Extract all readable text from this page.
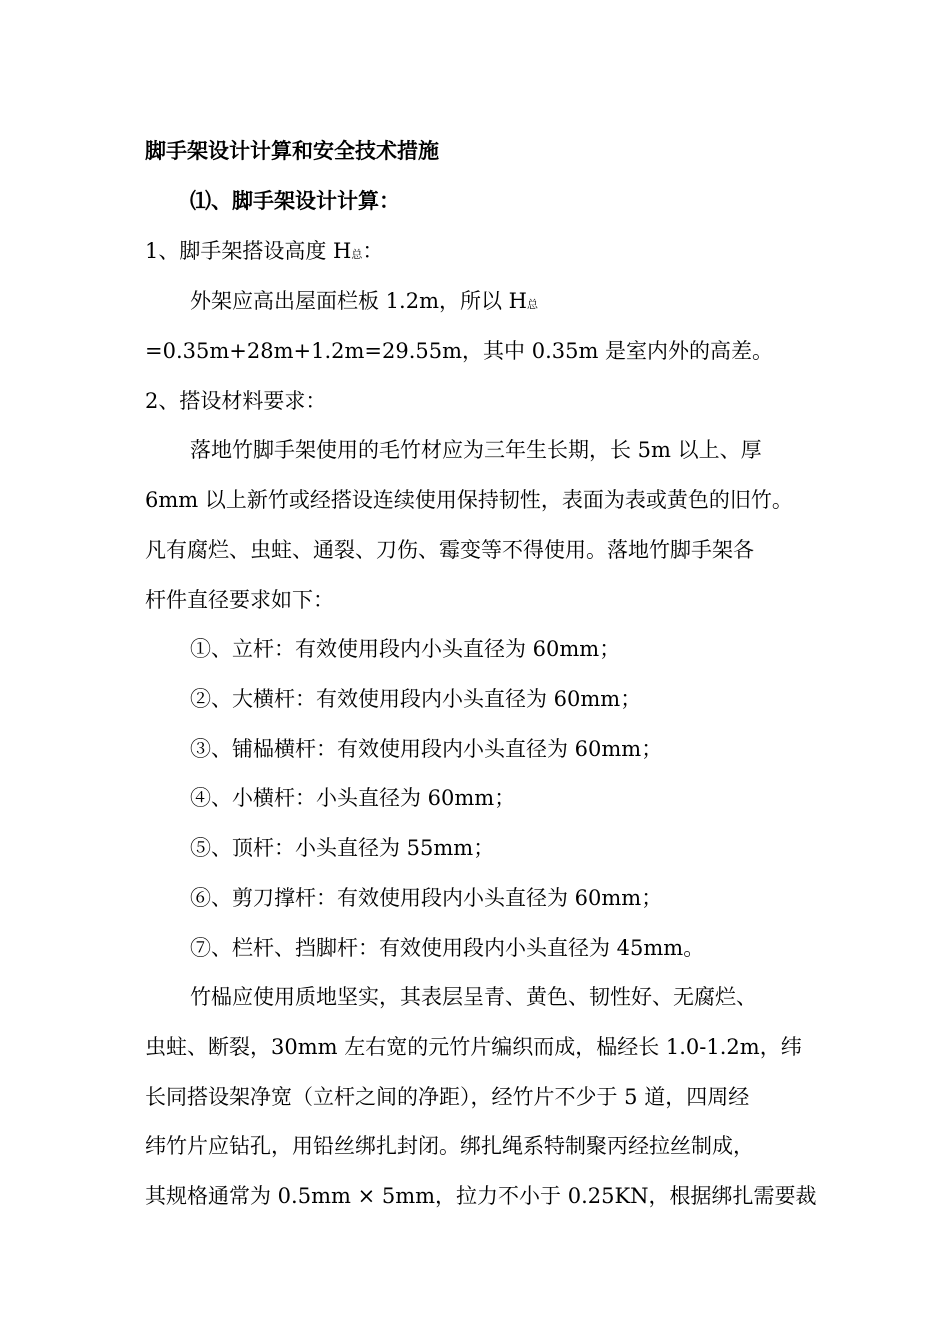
脚手架设计计算和安全技术措施

⑴、脚手架设计计算：

1、脚手架搭设高度 H总：

外架应高出屋面栏板 1.2m，所以 H总

=0.35m+28m+1.2m=29.55m，其中 0.35m 是室内外的高差。

2、搭设材料要求：

落地竹脚手架使用的毛竹材应为三年生长期，长 5m 以上、厚

6mm 以上新竹或经搭设连续使用保持韧性，表面为表或黄色的旧竹。

凡有腐烂、虫蛀、通裂、刀伤、霉变等不得使用。落地竹脚手架各

杆件直径要求如下：

①、立杆：有效使用段内小头直径为 60mm；

②、大横杆：有效使用段内小头直径为 60mm；

③、铺榀横杆：有效使用段内小头直径为 60mm；

④、小横杆：小头直径为 60mm；

⑤、顶杆：小头直径为 55mm；

⑥、剪刀撑杆：有效使用段内小头直径为 60mm；

⑦、栏杆、挡脚杆：有效使用段内小头直径为 45mm。

竹榀应使用质地坚实，其表层呈青、黄色、韧性好、无腐烂、

虫蛀、断裂，30mm 左右宽的元竹片编织而成，榀经长 1.0-1.2m，纬

长同搭设架净宽（立杆之间的净距），经竹片不少于 5 道，四周经

纬竹片应钻孔，用铅丝绑扎封闭。绑扎绳系特制聚丙经拉丝制成，

其规格通常为 0.5mm × 5mm，拉力不小于 0.25KN，根据绑扎需要裁
